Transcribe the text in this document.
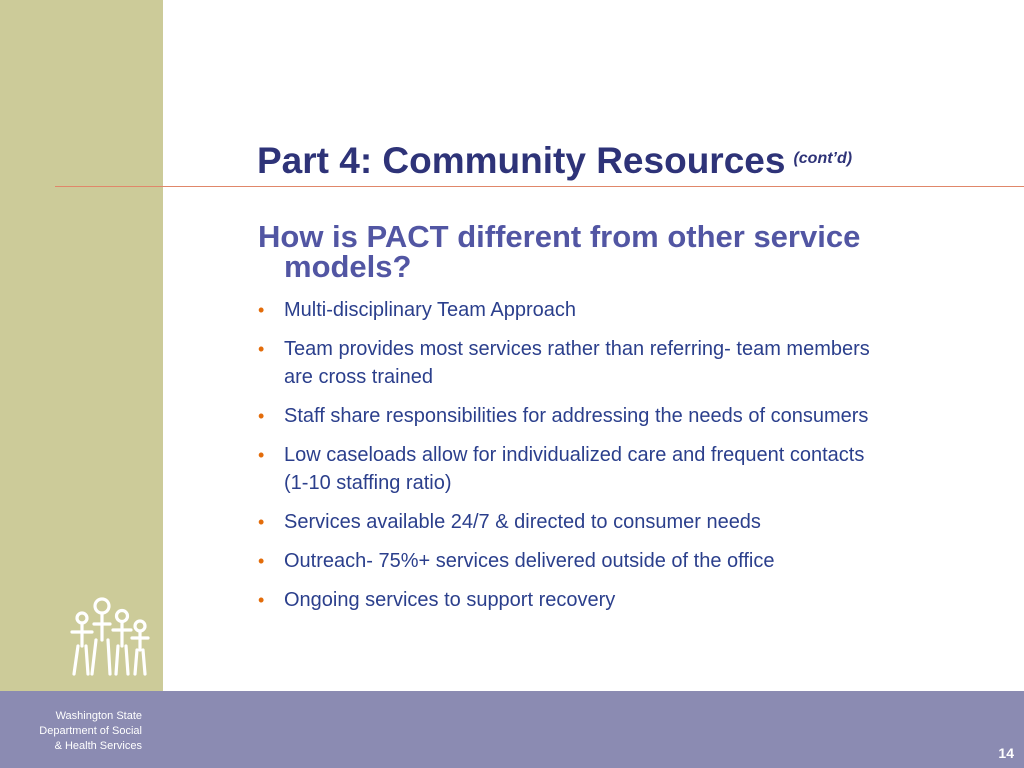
Washington State
Department of Social
& Health Services	14
Part 4: Community Resources $^{(cont’d)}$
How is PACT different from other service models?
• Multi-disciplinary Team Approach
• Team provides most services rather than referring- team members are cross trained
• Staff share responsibilities for addressing the needs of consumers
• Low caseloads allow for individualized care and frequent contacts (1-10 staffing ratio)
• Services available 24/7 & directed to consumer needs
• Outreach- 75%+ services delivered outside of the office
• Ongoing services to support recovery
